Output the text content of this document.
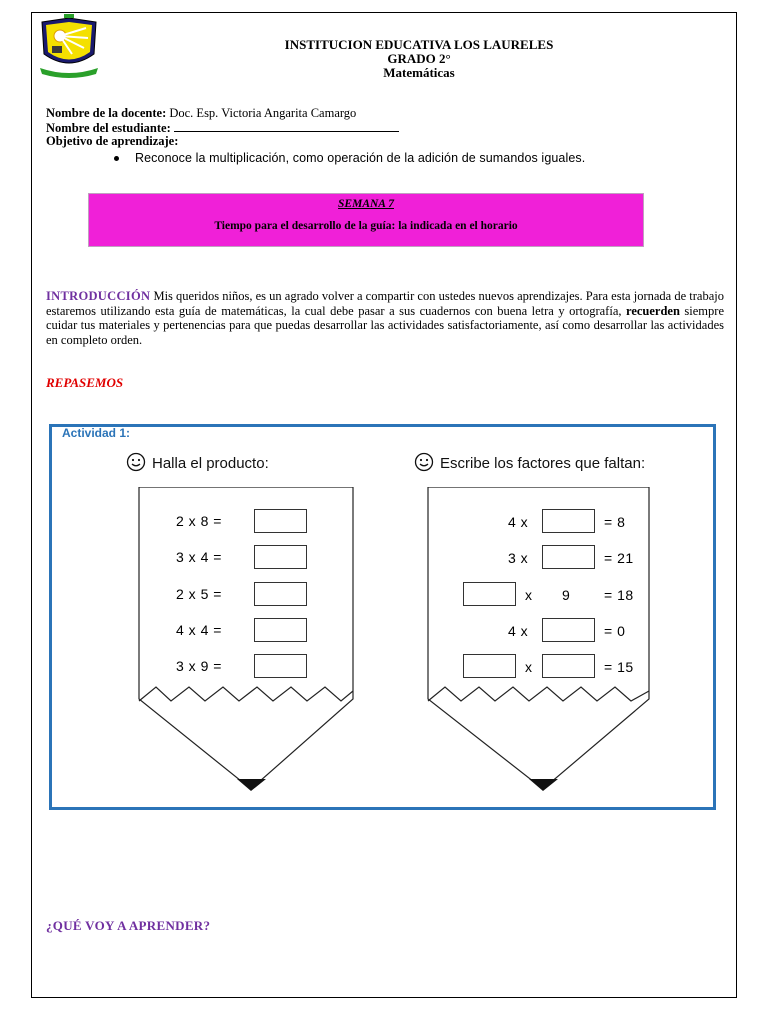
INSTITUCION EDUCATIVA LOS LAURELES
GRADO 2°
Matemáticas
Nombre de la docente: Doc. Esp. Victoria Angarita Camargo
Nombre del estudiante:
Objetivo de aprendizaje:
Reconoce la multiplicación, como operación de la adición de sumandos iguales.
SEMANA 7
Tiempo para el desarrollo de la guía: la indicada en el horario
INTRODUCCIÓN Mis queridos niños, es un agrado volver a compartir con ustedes nuevos aprendizajes. Para esta jornada de trabajo estaremos utilizando esta guía de matemáticas, la cual debe pasar a sus cuadernos con buena letra y ortografía, recuerden siempre cuidar tus materiales y pertenencias para que puedas desarrollar las actividades satisfactoriamente, así como desarrollar las actividades en completo orden.
REPASEMOS
Actividad 1:
Halla el producto:	Escribe los factores que faltan:
2 x 8 =
3 x 4 =
2 x 5 =
4 x 4 =
3 x 9 =
4 x	= 8
3 x	= 21
x 9 = 18
4 x	= 0
x	= 15
¿QUÉ VOY A APRENDER?
